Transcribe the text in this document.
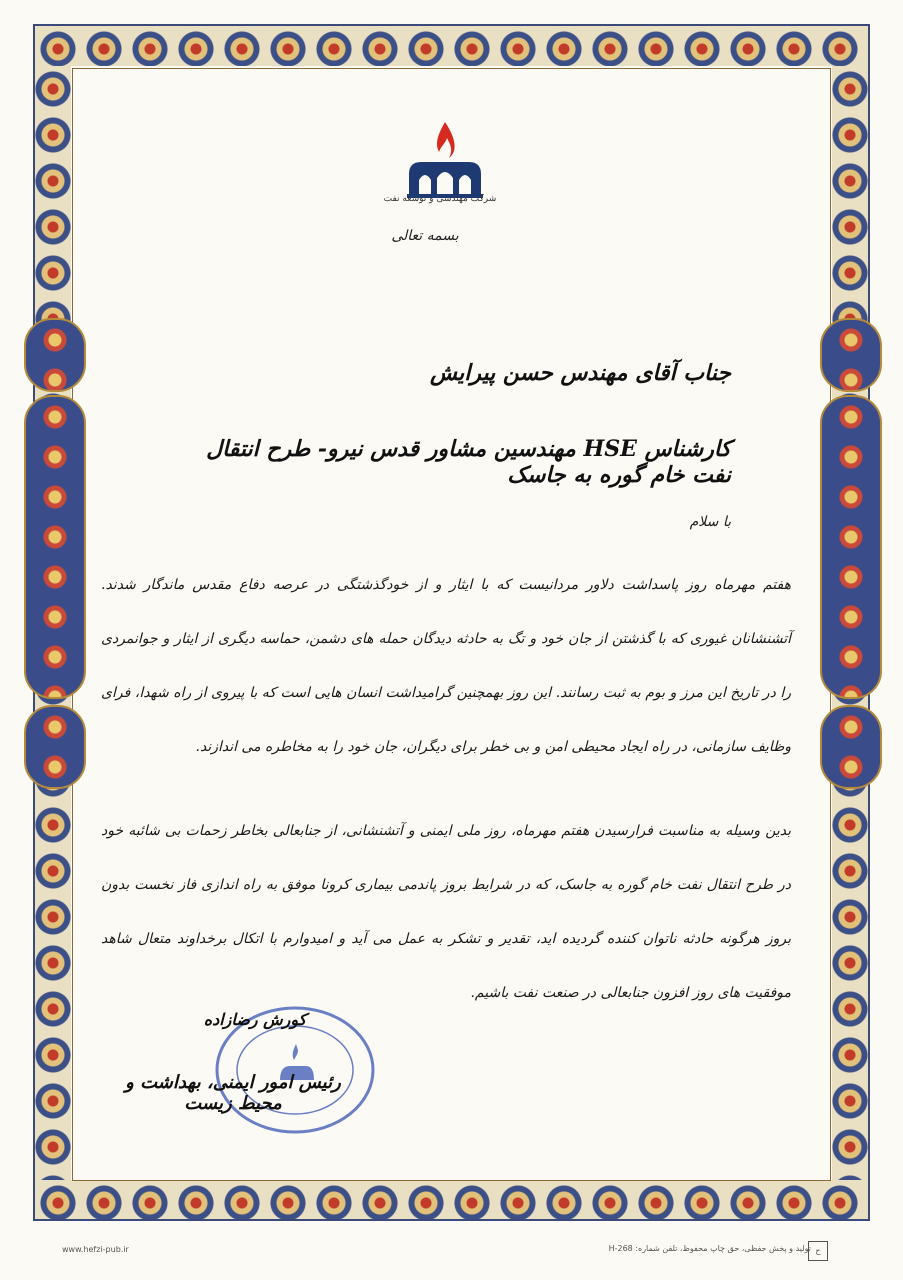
شرکت مهندسی و توسعه نفت
بسمه تعالی
جناب آقای مهندس حسن پیرایش
کارشناس HSE مهندسین مشاور قدس نیرو- طرح انتقال نفت خام گوره به جاسک
با سلام
هفتم مهرماه روز پاسداشت دلاور مردانیست که با ایثار و از خودگذشتگی در عرصه دفاع مقدس ماندگار شدند. آتشنشانان غیوری که با گذشتن از جان خود و تگ به حادثه دیدگان حمله های دشمن، حماسه دیگری از ایثار و جوانمردی را در تاریخ این مرز و بوم به ثبت رسانند. این روز بهمچنین گرامیداشت انسان هایی است که با پیروی از راه شهدا، فرای وظایف سازمانی، در راه ایجاد محیطی امن و بی خطر برای دیگران، جان خود را به مخاطره می اندازند.
بدین وسیله به مناسبت فرارسیدن هفتم مهرماه، روز ملی ایمنی و آتشنشانی، از جنابعالی بخاطر زحمات بی شائبه خود در طرح انتقال نفت خام گوره به جاسک، که در شرایط بروز پاندمی بیماری کرونا موفق به راه اندازی فاز نخست بدون بروز هرگونه حادثه ناتوان کننده گردیده اید، تقدیر و تشکر به عمل می آید و امیدوارم با اتکال برخداوند متعال شاهد موفقیت های روز افزون جنابعالی در صنعت نفت باشیم.
کورش رضازاده
رئیس امور ایمنی، بهداشت و محیط زیست
www.hefzi-pub.ir	تولید و پخش حفظی، حق چاپ محفوظ، تلفن شماره: H-268 ح
